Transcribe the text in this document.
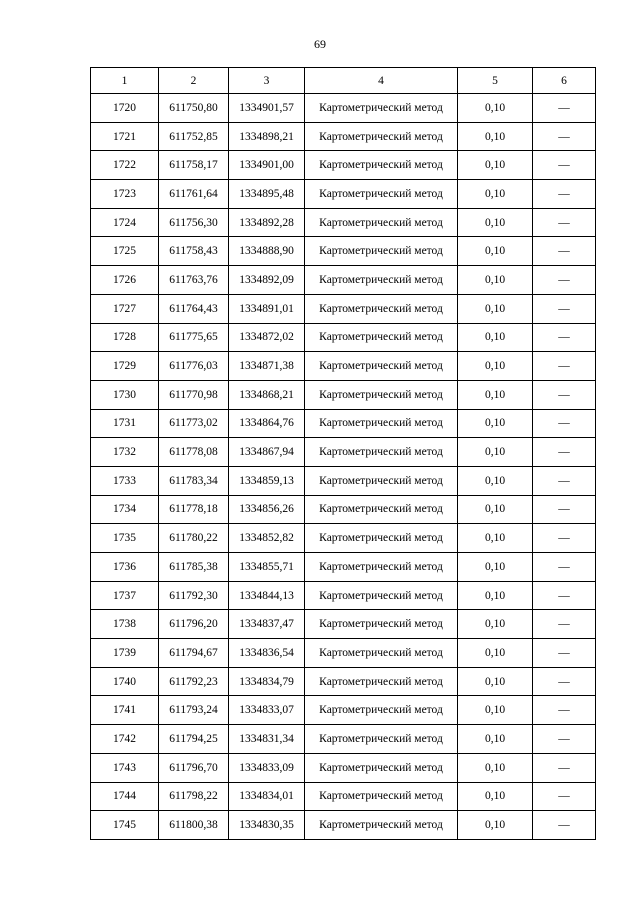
69
1	2	3	4	5	6
1720	611750,80	1334901,57	Картометрический метод	0,10	—
1721	611752,85	1334898,21	Картометрический метод	0,10	—
1722	611758,17	1334901,00	Картометрический метод	0,10	—
1723	611761,64	1334895,48	Картометрический метод	0,10	—
1724	611756,30	1334892,28	Картометрический метод	0,10	—
1725	611758,43	1334888,90	Картометрический метод	0,10	—
1726	611763,76	1334892,09	Картометрический метод	0,10	—
1727	611764,43	1334891,01	Картометрический метод	0,10	—
1728	611775,65	1334872,02	Картометрический метод	0,10	—
1729	611776,03	1334871,38	Картометрический метод	0,10	—
1730	611770,98	1334868,21	Картометрический метод	0,10	—
1731	611773,02	1334864,76	Картометрический метод	0,10	—
1732	611778,08	1334867,94	Картометрический метод	0,10	—
1733	611783,34	1334859,13	Картометрический метод	0,10	—
1734	611778,18	1334856,26	Картометрический метод	0,10	—
1735	611780,22	1334852,82	Картометрический метод	0,10	—
1736	611785,38	1334855,71	Картометрический метод	0,10	—
1737	611792,30	1334844,13	Картометрический метод	0,10	—
1738	611796,20	1334837,47	Картометрический метод	0,10	—
1739	611794,67	1334836,54	Картометрический метод	0,10	—
1740	611792,23	1334834,79	Картометрический метод	0,10	—
1741	611793,24	1334833,07	Картометрический метод	0,10	—
1742	611794,25	1334831,34	Картометрический метод	0,10	—
1743	611796,70	1334833,09	Картометрический метод	0,10	—
1744	611798,22	1334834,01	Картометрический метод	0,10	—
1745	611800,38	1334830,35	Картометрический метод	0,10	—
